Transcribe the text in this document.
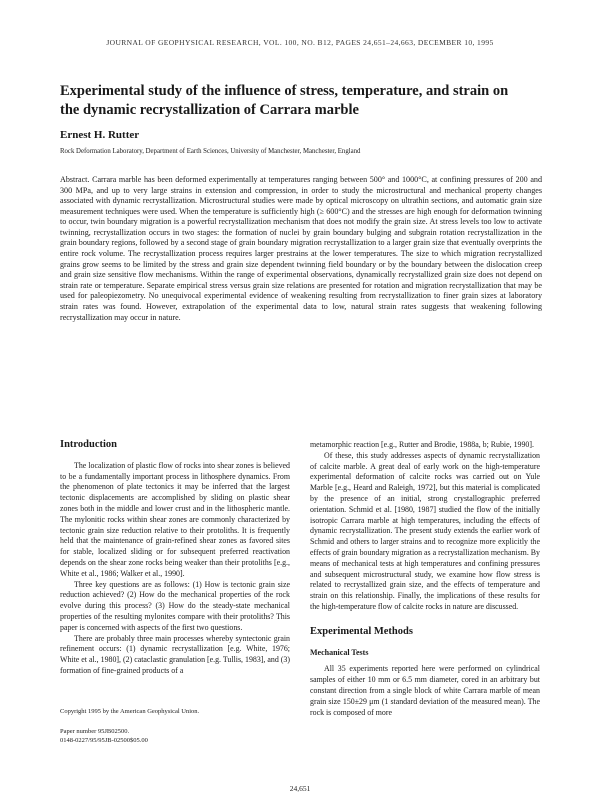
JOURNAL OF GEOPHYSICAL RESEARCH, VOL. 100, NO. B12, PAGES 24,651–24,663, DECEMBER 10, 1995
Experimental study of the influence of stress, temperature, and strain on the dynamic recrystallization of Carrara marble
Ernest H. Rutter
Rock Deformation Laboratory, Department of Earth Sciences, University of Manchester, Manchester, England
Abstract. Carrara marble has been deformed experimentally at temperatures ranging between 500° and 1000°C, at confining pressures of 200 and 300 MPa, and up to very large strains in extension and compression, in order to study the microstructural and mechanical property changes associated with dynamic recrystallization. Microstructural studies were made by optical microscopy on ultrathin sections, and automatic grain size measurement techniques were used. When the temperature is sufficiently high (≥ 600°C) and the stresses are high enough for deformation twinning to occur, twin boundary migration is a powerful recrystallization mechanism that does not modify the grain size. At stress levels too low to activate twinning, recrystallization occurs in two stages: the formation of nuclei by grain boundary bulging and subgrain rotation recrystallization in the grain boundary regions, followed by a second stage of grain boundary migration recrystallization to a larger grain size that eventually overprints the entire rock volume. The recrystallization process requires larger prestrains at the lower temperatures. The size to which migration recrystallized grains grow seems to be limited by the stress and grain size dependent twinning field boundary or by the boundary between the dislocation creep and grain size sensitive flow mechanisms. Within the range of experimental observations, dynamically recrystallized grain size does not depend on strain rate or temperature. Separate empirical stress versus grain size relations are presented for rotation and migration recrystallization that may be used for paleopiezometry. No unequivocal experimental evidence of weakening resulting from recrystallization to finer grain sizes at laboratory strain rates was found. However, extrapolation of the experimental data to low, natural strain rates suggests that weakening following recrystallization may occur in nature.
Introduction

The localization of plastic flow of rocks into shear zones is believed to be a fundamentally important process in lithosphere dynamics. From the phenomenon of plate tectonics it may be inferred that the largest tectonic displacements are accomplished by sliding on plastic shear zones both in the middle and lower crust and in the lithospheric mantle. The mylonitic rocks within shear zones are commonly characterized by tectonic grain size reduction relative to their protoliths. It is frequently held that the maintenance of grain-refined shear zones as favored sites for stable, localized sliding or for subsequent preferred reactivation depends on the shear zone rocks being weaker than their protoliths [e.g., White et al., 1986; Walker et al., 1990].

Three key questions are as follows: (1) How is tectonic grain size reduction achieved? (2) How do the mechanical properties of the rock evolve during this process? (3) How do the steady-state mechanical properties of the resulting mylonites compare with their protoliths? This paper is concerned with aspects of the first two questions.

There are probably three main processes whereby syntectonic grain refinement occurs: (1) dynamic recrystallization [e.g. White, 1976; White et al., 1980], (2) cataclastic granulation [e.g. Tullis, 1983], and (3) formation of fine-grained products of a

metamorphic reaction [e.g., Rutter and Brodie, 1988a, b; Rubie, 1990].

Of these, this study addresses aspects of dynamic recrystallization of calcite marble. A great deal of early work on the high-temperature experimental deformation of calcite rocks was carried out on Yule Marble [e.g., Heard and Raleigh, 1972], but this material is complicated by the presence of an initial, strong crystallographic preferred orientation. Schmid et al. [1980, 1987] studied the flow of the initially isotropic Carrara marble at high temperatures, including the effects of dynamic recrystallization. The present study extends the earlier work of Schmid and others to larger strains and to recognize more explicitly the effects of grain boundary migration as a recrystallization mechanism. By means of mechanical tests at high temperatures and confining pressures and subsequent microstructural study, we examine how flow stress is related to recrystallized grain size, and the effects of temperature and strain on this relationship. Finally, the implications of these results for the high-temperature flow of calcite rocks in nature are discussed.

Experimental Methods
Mechanical Tests

All 35 experiments reported here were performed on cylindrical samples of either 10 mm or 6.5 mm diameter, cored in an arbitrary but constant direction from a single block of white Carrara marble of mean grain size 150±29 μm (1 standard deviation of the measured mean). The rock is composed of more

Copyright 1995 by the American Geophysical Union.
Paper number 95JB02500.
0148-0227/95/95JB-02500$05.00
24,651
